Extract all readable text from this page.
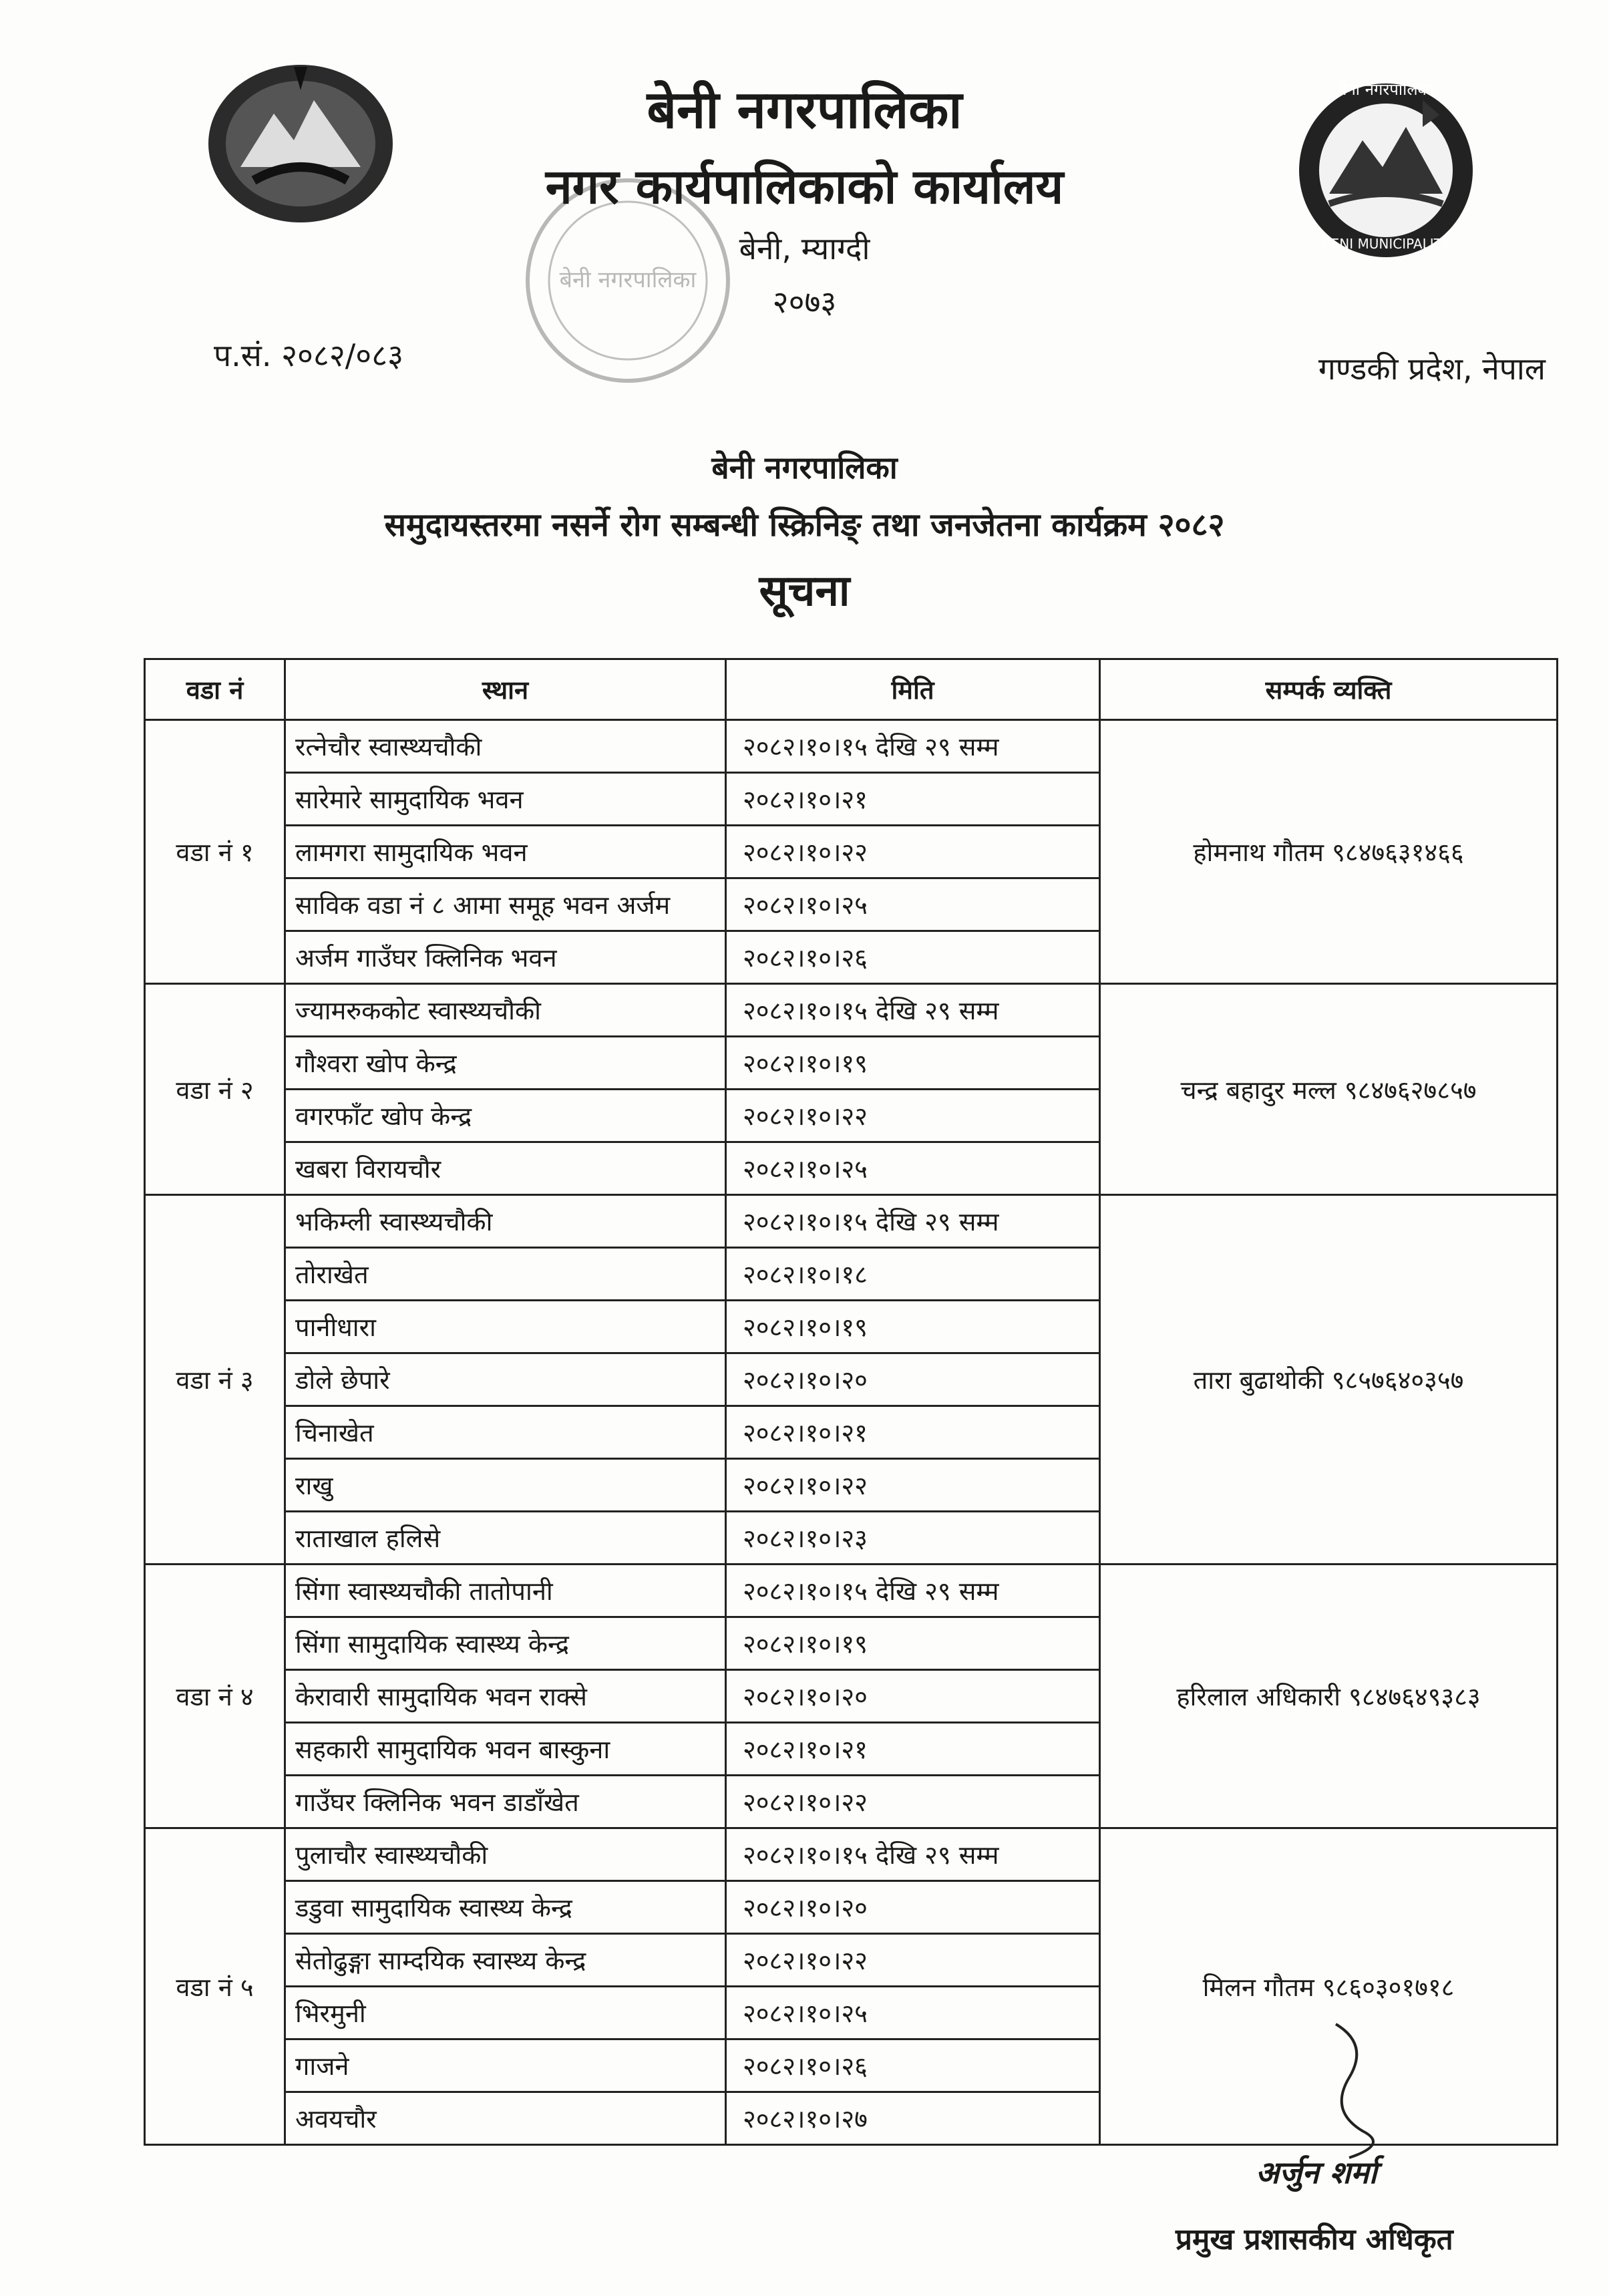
बेनी नगरपालिका
BENI MUNICIPALITY
बेनी नगरपालिका
बेनी नगरपालिका
नगर कार्यपालिकाको कार्यालय
बेनी, म्याग्दी
२०७३
प.सं. २०८२/०८३	गण्डकी प्रदेश, नेपाल
बेनी नगरपालिका
समुदायस्तरमा नसर्ने रोग सम्बन्धी स्क्रिनिङ् तथा जनजेतना कार्यक्रम २०८२
सूचना
वडा नं	स्थान	मिति	सम्पर्क व्यक्ति
वडा नं १	रत्नेचौर स्वास्थ्यचौकी	२०८२।१०।१५ देखि २९ सम्म	होमनाथ गौतम ९८४७६३१४६६
	सारेमारे सामुदायिक भवन	२०८२।१०।२१	
	लामगरा सामुदायिक भवन	२०८२।१०।२२	
	साविक वडा नं ८ आमा समूह भवन अर्जम	२०८२।१०।२५	
	अर्जम गाउँघर क्लिनिक भवन	२०८२।१०।२६	
वडा नं २	ज्यामरुककोट स्वास्थ्यचौकी	२०८२।१०।१५ देखि २९ सम्म	चन्द्र बहादुर मल्ल ९८४७६२७८५७
	गौश्वरा खोप केन्द्र	२०८२।१०।१९	
	वगरफाँट खोप केन्द्र	२०८२।१०।२२	
	खबरा विरायचौर	२०८२।१०।२५	
वडा नं ३	भकिम्ली स्वास्थ्यचौकी	२०८२।१०।१५ देखि २९ सम्म	तारा बुढाथोकी ९८५७६४०३५७
	तोराखेत	२०८२।१०।१८	
	पानीधारा	२०८२।१०।१९	
	डोले छेपारे	२०८२।१०।२०	
	चिनाखेत	२०८२।१०।२१	
	राखु	२०८२।१०।२२	
	राताखाल हलिसे	२०८२।१०।२३	
वडा नं ४	सिंगा स्वास्थ्यचौकी तातोपानी	२०८२।१०।१५ देखि २९ सम्म	हरिलाल अधिकारी ९८४७६४९३८३
	सिंगा सामुदायिक स्वास्थ्य केन्द्र	२०८२।१०।१९	
	केरावारी सामुदायिक भवन राक्से	२०८२।१०।२०	
	सहकारी सामुदायिक भवन बास्कुना	२०८२।१०।२१	
	गाउँघर क्लिनिक भवन डाडाँखेत	२०८२।१०।२२	
वडा नं ५	पुलाचौर स्वास्थ्यचौकी	२०८२।१०।१५ देखि २९ सम्म	मिलन गौतम ९८६०३०१७१८
	डडुवा सामुदायिक स्वास्थ्य केन्द्र	२०८२।१०।२०	
	सेतोढुङ्गा साम्दयिक स्वास्थ्य केन्द्र	२०८२।१०।२२	
	भिरमुनी	२०८२।१०।२५	
	गाजने	२०८२।१०।२६	
	अवयचौर	२०८२।१०।२७	
अर्जुन शर्मा
प्रमुख प्रशासकीय अधिकृत
